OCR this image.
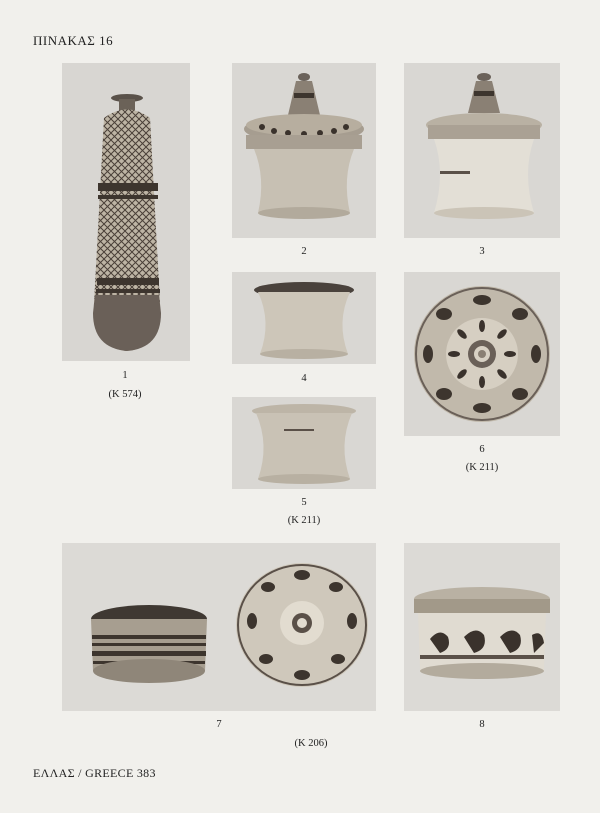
ΠΙΝΑΚΑΣ 16
1
(K 574)
2	3
4
5
(K 211)
6
(K 211)
7
(K 206)
8
ΕΛΛΑΣ / GREECE 383
